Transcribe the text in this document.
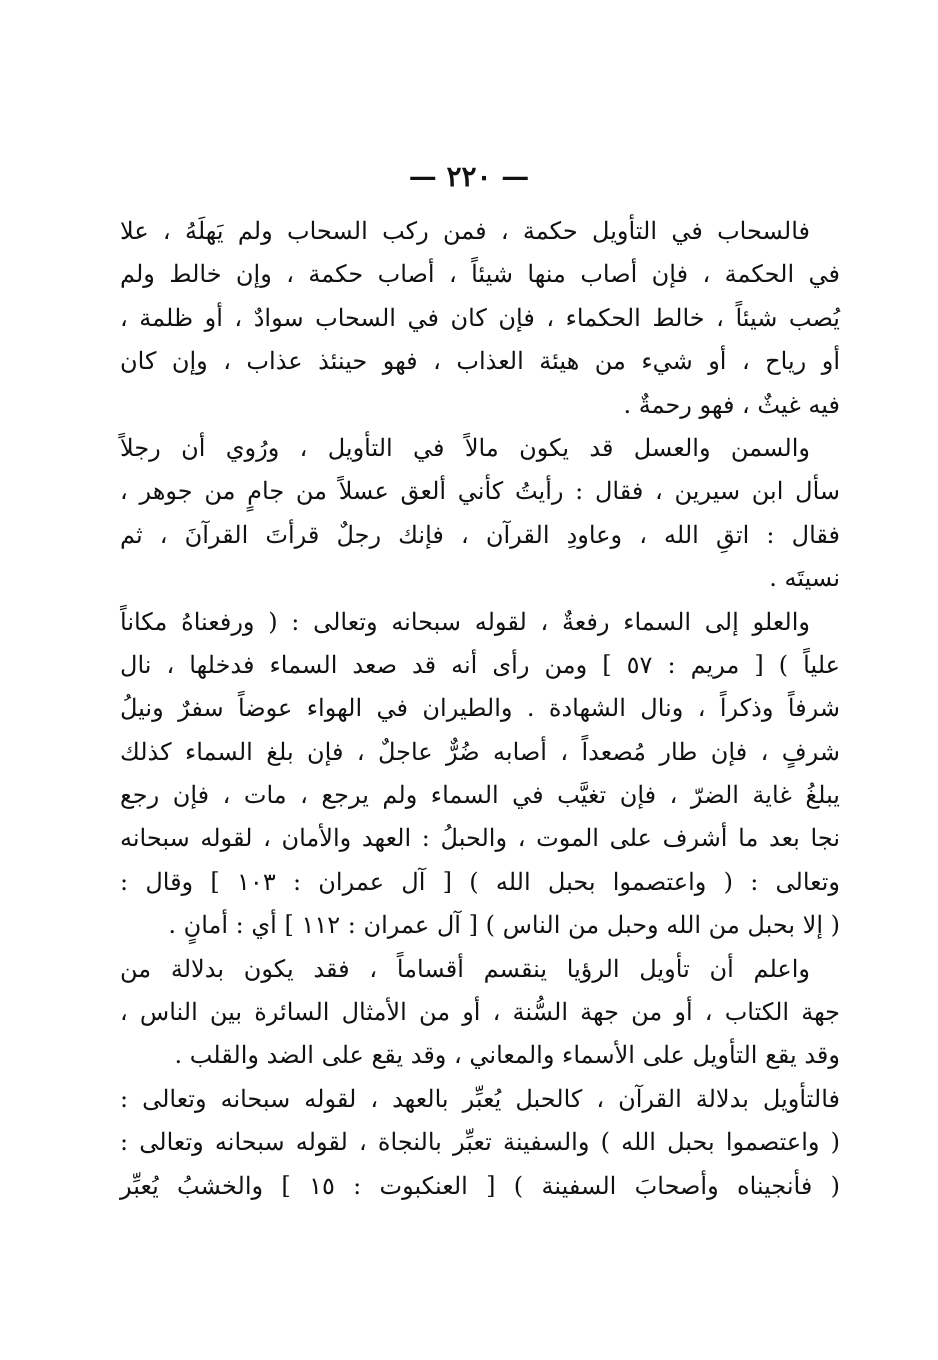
— ٢٢٠ —
فالسحاب في التأويل حكمة ، فمن ركب السحاب ولم يَهلَهُ ، علا
في الحكمة ، فإن أصاب منها شيئاً ، أصاب حكمة ، وإن خالط ولم
يُصب شيئاً ، خالط الحكماء ، فإن كان في السحاب سوادٌ ، أو ظلمة ،
أو رياح ، أو شيء من هيئة العذاب ، فهو حينئذ عذاب ، وإن كان
فيه غيثٌ ، فهو رحمةٌ .
والسمن والعسل قد يكون مالاً في التأويل ، ورُوي أن رجلاً
سأل ابن سيرين ، فقال : رأيتُ كأني ألعق عسلاً من جامٍ من جوهر ،
فقال : اتقِ الله ، وعاودِ القرآن ، فإنك رجلٌ قرأتَ القرآنَ ، ثم
نسيتَه .
والعلو إلى السماء رفعةٌ ، لقوله سبحانه وتعالى : ( ورفعناهُ مكاناً
علياً ) [ مريم : ٥٧ ] ومن رأى أنه قد صعد السماء فدخلها ، نال
شرفاً وذكراً ، ونال الشهادة . والطيران في الهواء عوضاً سفرٌ ونيلُ
شرفٍ ، فإن طار مُصعداً ، أصابه ضُرٌّ عاجلٌ ، فإن بلغ السماء كذلك
يبلغُ غاية الضرّ ، فإن تغيَّب في السماء ولم يرجع ، مات ، فإن رجع
نجا بعد ما أشرف على الموت ، والحبلُ : العهد والأمان ، لقوله سبحانه
وتعالى : ( واعتصموا بحبل الله ) [ آل عمران : ١٠٣ ] وقال :
( إلا بحبل من الله وحبل من الناس ) [ آل عمران : ١١٢ ] أي : أمانٍ .
واعلم أن تأويل الرؤيا ينقسم أقساماً ، فقد يكون بدلالة من
جهة الكتاب ، أو من جهة السُّنة ، أو من الأمثال السائرة بين الناس ،
وقد يقع التأويل على الأسماء والمعاني ، وقد يقع على الضد والقلب .
فالتأويل بدلالة القرآن ، كالحبل يُعبِّر بالعهد ، لقوله سبحانه وتعالى :
( واعتصموا بحبل الله ) والسفينة تعبِّر بالنجاة ، لقوله سبحانه وتعالى :
( فأنجيناه وأصحابَ السفينة ) [ العنكبوت : ١٥ ] والخشبُ يُعبِّر
